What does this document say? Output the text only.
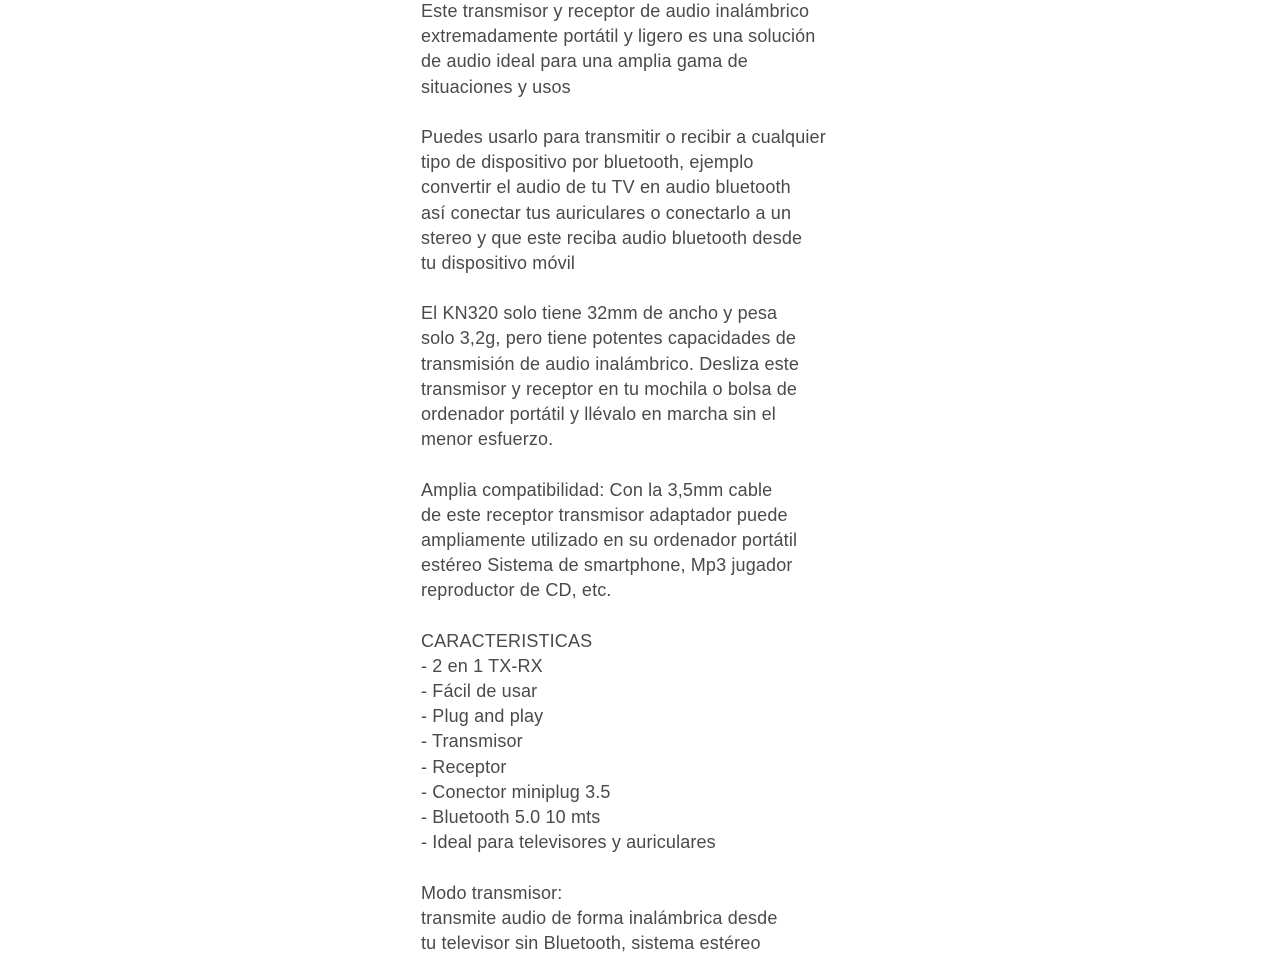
Este transmisor y receptor de audio inalámbrico
extremadamente portátil y ligero es una solución
de audio ideal para una amplia gama de
situaciones y usos
Puedes usarlo para transmitir o recibir a cualquier
tipo de dispositivo por bluetooth, ejemplo
convertir el audio de tu TV en audio bluetooth
así conectar tus auriculares o conectarlo a un
stereo y que este reciba audio bluetooth desde
tu dispositivo móvil
El KN320 solo tiene 32mm de ancho y pesa
solo 3,2g, pero tiene potentes capacidades de
transmisión de audio inalámbrico. Desliza este
transmisor y receptor en tu mochila o bolsa de
ordenador portátil y llévalo en marcha sin el
menor esfuerzo.
Amplia compatibilidad: Con la 3,5mm cable
de este receptor transmisor adaptador puede
ampliamente utilizado en su ordenador portátil
estéreo Sistema de smartphone, Mp3 jugador
reproductor de CD, etc.
CARACTERISTICAS
- 2 en 1 TX-RX
- Fácil de usar
- Plug and play
- Transmisor
- Receptor
- Conector miniplug 3.5
- Bluetooth 5.0 10 mts
- Ideal para televisores y auriculares
Modo transmisor:
transmite audio de forma inalámbrica desde
tu televisor sin Bluetooth, sistema estéreo
